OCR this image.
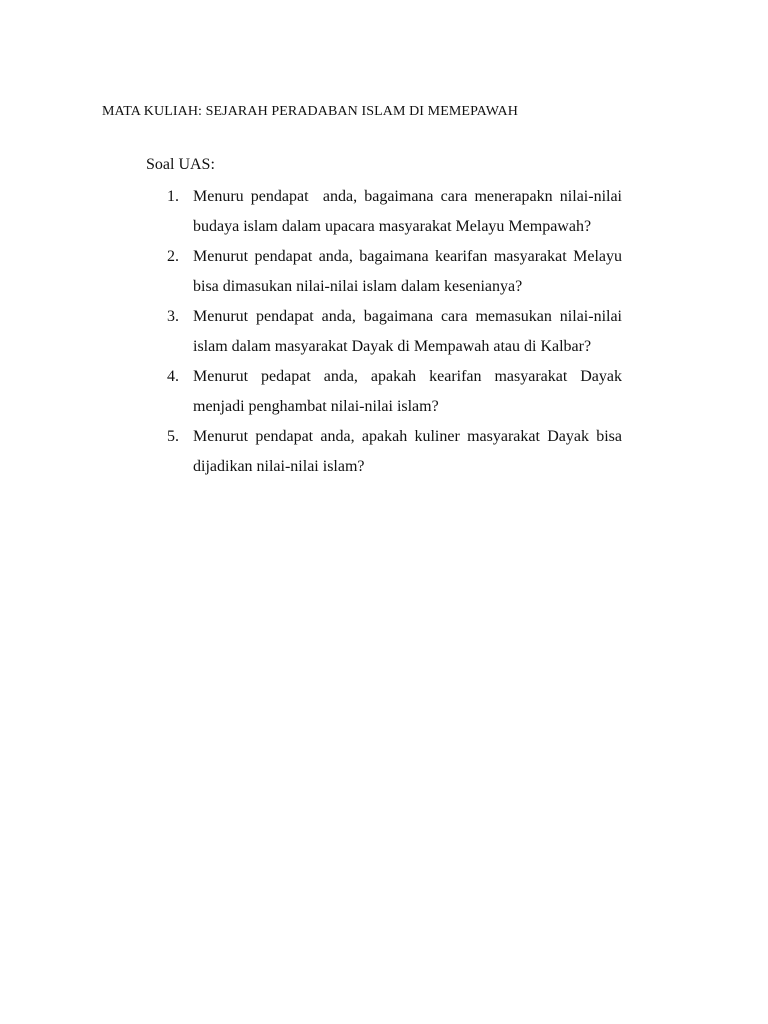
MATA KULIAH: SEJARAH PERADABAN ISLAM DI MEMEPAWAH
Soal UAS:
1. Menuru pendapat  anda, bagaimana cara menerapakn nilai-nilai budaya islam dalam upacara masyarakat Melayu Mempawah?
2. Menurut pendapat anda, bagaimana kearifan masyarakat Melayu bisa dimasukan nilai-nilai islam dalam kesenianya?
3. Menurut pendapat anda, bagaimana cara memasukan nilai-nilai islam dalam masyarakat Dayak di Mempawah atau di Kalbar?
4. Menurut pedapat anda, apakah kearifan masyarakat Dayak menjadi penghambat nilai-nilai islam?
5. Menurut pendapat anda, apakah kuliner masyarakat Dayak bisa dijadikan nilai-nilai islam?
